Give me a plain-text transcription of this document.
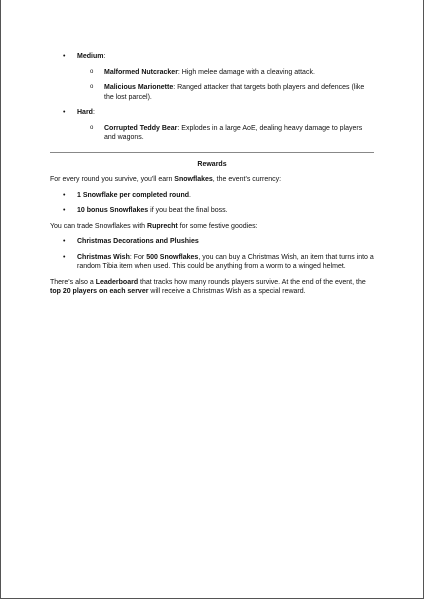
• Medium:
o Malformed Nutcracker: High melee damage with a cleaving attack.
o Malicious Marionette: Ranged attacker that targets both players and defences (like the lost parcel).
• Hard:
o Corrupted Teddy Bear: Explodes in a large AoE, dealing heavy damage to players and wagons.
Rewards
For every round you survive, you'll earn Snowflakes, the event's currency:
• 1 Snowflake per completed round.
• 10 bonus Snowflakes if you beat the final boss.
You can trade Snowflakes with Ruprecht for some festive goodies:
• Christmas Decorations and Plushies
• Christmas Wish: For 500 Snowflakes, you can buy a Christmas Wish, an item that turns into a random Tibia item when used. This could be anything from a worm to a winged helmet.
There's also a Leaderboard that tracks how many rounds players survive. At the end of the event, the top 20 players on each server will receive a Christmas Wish as a special reward.
